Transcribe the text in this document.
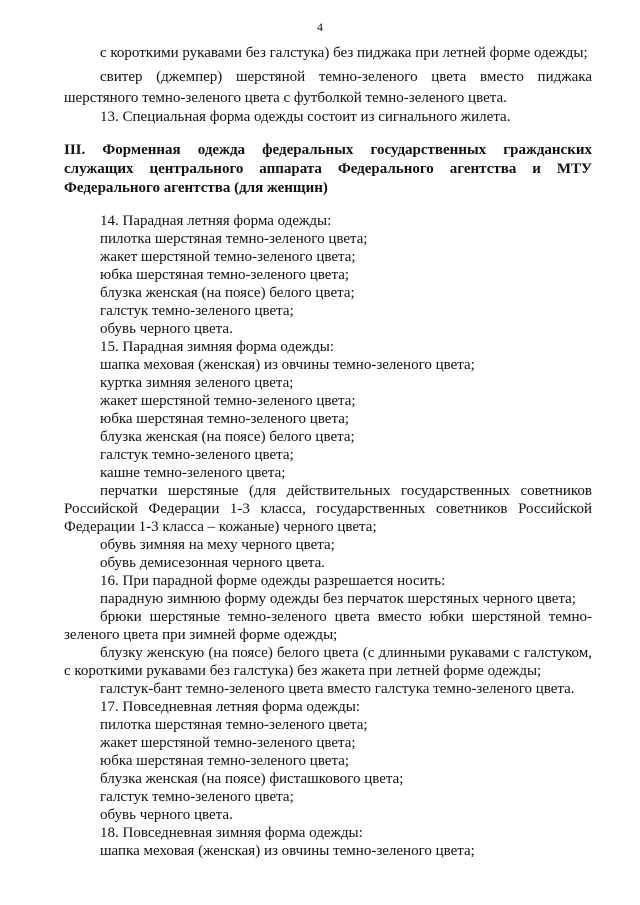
4
с короткими рукавами без галстука) без пиджака при летней форме одежды;
свитер (джемпер) шерстяной темно-зеленого цвета вместо пиджака
шерстяного темно-зеленого цвета с футболкой темно-зеленого цвета.
13. Специальная форма одежды состоит из сигнального жилета.
III. Форменная одежда федеральных государственных гражданских
служащих центрального аппарата Федерального агентства и МТУ
Федерального агентства (для женщин)
14. Парадная летняя форма одежды:
пилотка шерстяная темно-зеленого цвета;
жакет шерстяной темно-зеленого цвета;
юбка шерстяная темно-зеленого цвета;
блузка женская (на поясе) белого цвета;
галстук темно-зеленого цвета;
обувь черного цвета.
15. Парадная зимняя форма одежды:
шапка меховая (женская) из овчины темно-зеленого цвета;
куртка зимняя зеленого цвета;
жакет шерстяной темно-зеленого цвета;
юбка шерстяная темно-зеленого цвета;
блузка женская (на поясе) белого цвета;
галстук темно-зеленого цвета;
кашне темно-зеленого цвета;
перчатки шерстяные (для действительных государственных советников
Российской Федерации 1-3 класса, государственных советников Российской
Федерации 1-3 класса – кожаные) черного цвета;
обувь зимняя на меху черного цвета;
обувь демисезонная черного цвета.
16. При парадной форме одежды разрешается носить:
парадную зимнюю форму одежды без перчаток шерстяных черного цвета;
брюки шерстяные темно-зеленого цвета вместо юбки шерстяной темно-
зеленого цвета при зимней форме одежды;
блузку женскую (на поясе) белого цвета (с длинными рукавами с галстуком,
с короткими рукавами без галстука) без жакета при летней форме одежды;
галстук-бант темно-зеленого цвета вместо галстука темно-зеленого цвета.
17. Повседневная летняя форма одежды:
пилотка шерстяная темно-зеленого цвета;
жакет шерстяной темно-зеленого цвета;
юбка шерстяная темно-зеленого цвета;
блузка женская (на поясе) фисташкового цвета;
галстук темно-зеленого цвета;
обувь черного цвета.
18. Повседневная зимняя форма одежды:
шапка меховая (женская) из овчины темно-зеленого цвета;
